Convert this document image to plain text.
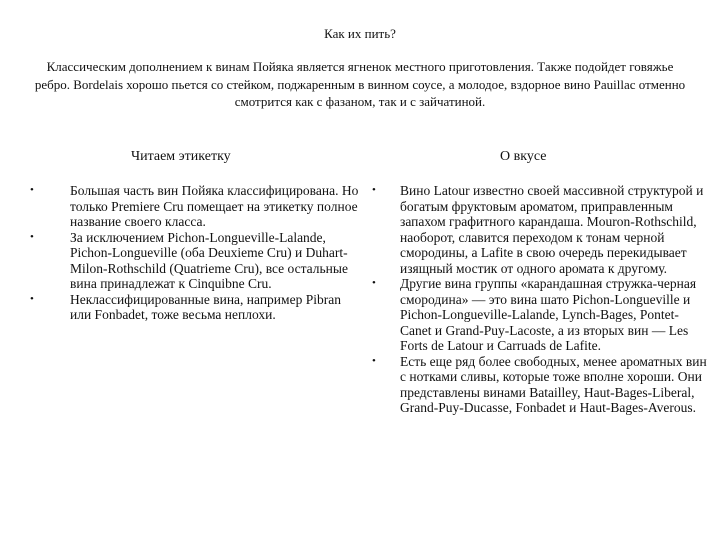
Как их пить?
Классическим дополнением к винам Пойяка является ягненок местного приготовления. Также подойдет говяжье ребро. Bordelais хорошо пьется со стейком, поджаренным в винном соусе, а молодое, вздорное вино Pauillac отменно смотрится как с фазаном, так и с зайчатиной.
Читаем этикетку	О вкусе
•	Большая часть вин Пойяка классифицирована. Но только Premiere Cru помещает на этикетку полное название своего класса.
•	За исключением Pichon-Longueville-Lalande, Pichon-Longueville (оба Deuxieme Cru) и Duhart-Milon-Rothschild (Quatrieme Cru), все остальные вина принадлежат к Cinquibne Cru.
•	Неклассифицированные вина, например Pibran или Fonbadet, тоже весьма неплохи.
• Вино Latour известно своей массивной структурой и богатым фруктовым ароматом, приправленным запахом графитного карандаша. Mouron-Rothschild, наоборот, славится переходом к тонам черной смородины, а Lafite в свою очередь перекидывает изящный мостик от одного аромата к другому.
• Другие вина группы «карандашная стружка-черная смородина» — это вина шато Pichon-Longueville и Pichon-Longueville-Lalande, Lynch-Bages, Pontet-Canet и Grand-Puy-Lacoste, а из вторых вин — Les Forts de Latour и Carruads de Lafite.
• Есть еще ряд более свободных, менее ароматных вин с нотками сливы, которые тоже вполне хороши. Они представлены винами Batailley, Haut-Bages-Liberal, Grand-Puy-Ducasse, Fonbadet и Haut-Bages-Averous.
